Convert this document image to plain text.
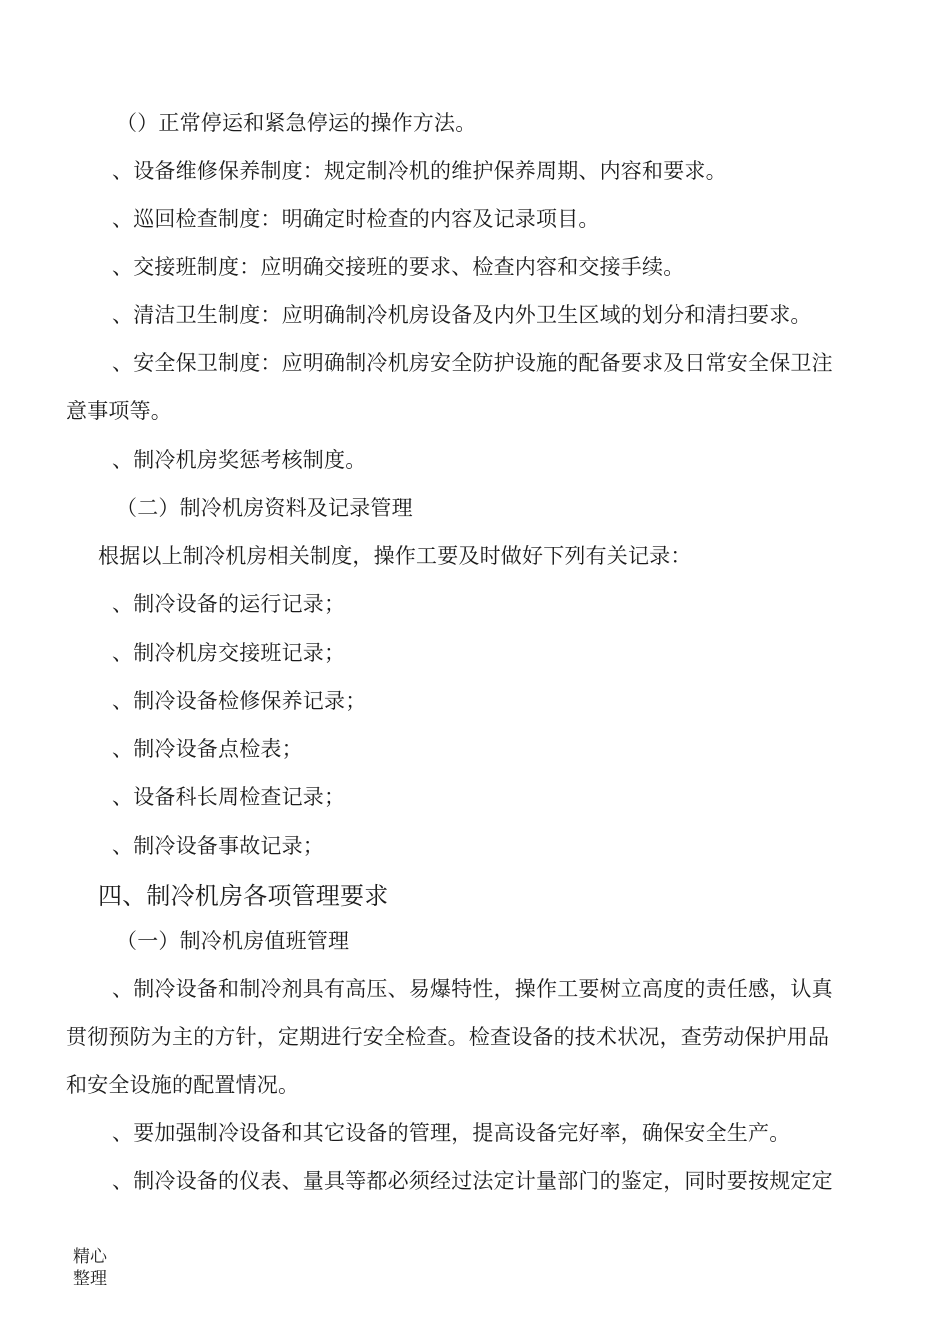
（）正常停运和紧急停运的操作方法。
、设备维修保养制度：规定制冷机的维护保养周期、内容和要求。
、巡回检查制度：明确定时检查的内容及记录项目。
、交接班制度：应明确交接班的要求、检查内容和交接手续。
、清洁卫生制度：应明确制冷机房设备及内外卫生区域的划分和清扫要求。
、安全保卫制度：应明确制冷机房安全防护设施的配备要求及日常安全保卫注
意事项等。
、制冷机房奖惩考核制度。
（二）制冷机房资料及记录管理
根据以上制冷机房相关制度，操作工要及时做好下列有关记录：
、制冷设备的运行记录；
、制冷机房交接班记录；
、制冷设备检修保养记录；
、制冷设备点检表；
、设备科长周检查记录；
、制冷设备事故记录；
四、制冷机房各项管理要求
（一）制冷机房值班管理
、制冷设备和制冷剂具有高压、易爆特性，操作工要树立高度的责任感，认真
贯彻预防为主的方针，定期进行安全检查。检查设备的技术状况，查劳动保护用品
和安全设施的配置情况。
、要加强制冷设备和其它设备的管理，提高设备完好率，确保安全生产。
、制冷设备的仪表、量具等都必须经过法定计量部门的鉴定，同时要按规定定
精心
整理
